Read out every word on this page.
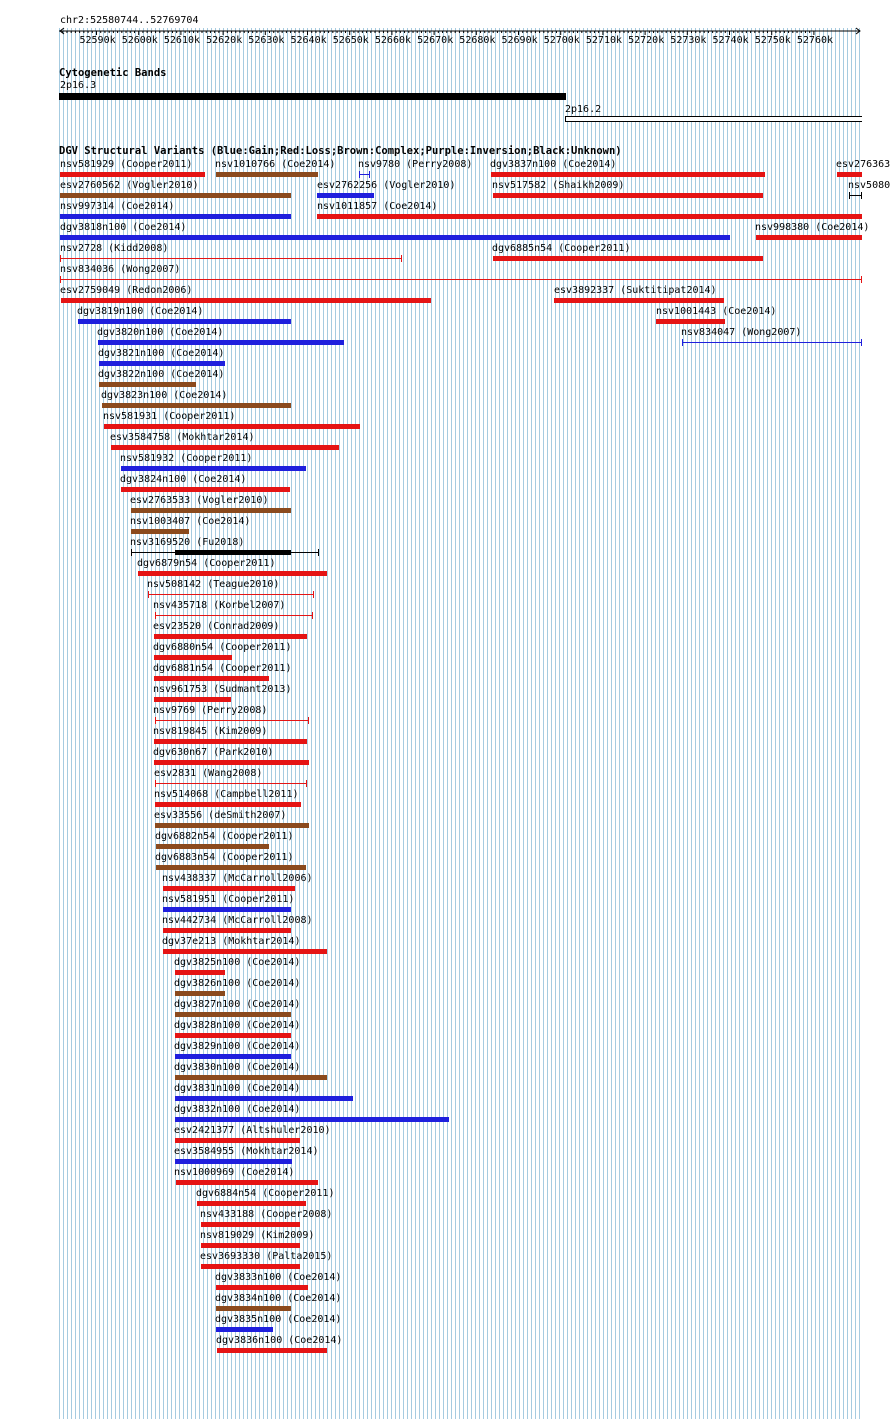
chr2:52580744..52769704
52590k 52600k 52610k 52620k 52630k 52640k 52650k 52660k 52670k 52680k 52690k 52700k 52710k 52720k 52730k 52740k 52750k 52760k
Cytogenetic Bands
2p16.3
2p16.2
DGV Structural Variants (Blue:Gain;Red:Loss;Brown:Complex;Purple:Inversion;Black:Unknown)
nsv581929 (Cooper2011) nsv1010766 (Coe2014) nsv9780 (Perry2008) dgv3837n100 (Coe2014)	esv276363
esv2760562 (Vogler2010)	esv2762256 (Vogler2010)	nsv517582 (Shaikh2009)	nsv5080
nsv997314 (Coe2014)	nsv1011857 (Coe2014)
dgv3818n100 (Coe2014)	nsv998380 (Coe2014)
nsv2728 (Kidd2008)	dgv6885n54 (Cooper2011)
nsv834036 (Wong2007)
esv2759049 (Redon2006)	esv3892337 (Suktitipat2014)
dgv3819n100 (Coe2014)	nsv1001443 (Coe2014)
dgv3820n100 (Coe2014)	nsv834047 (Wong2007)
dgv3821n100 (Coe2014)
dgv3822n100 (Coe2014)
dgv3823n100 (Coe2014)
nsv581931 (Cooper2011)
esv3584758 (Mokhtar2014)
nsv581932 (Cooper2011)
dgv3824n100 (Coe2014)
esv2763533 (Vogler2010)
nsv1003407 (Coe2014)
nsv3169520 (Fu2018)
dgv6879n54 (Cooper2011)
nsv508142 (Teague2010)
nsv435718 (Korbel2007)
esv23520 (Conrad2009)
dgv6880n54 (Cooper2011)
dgv6881n54 (Cooper2011)
nsv961753 (Sudmant2013)
nsv9769 (Perry2008)
nsv819845 (Kim2009)
dgv630n67 (Park2010)
esv2831 (Wang2008)
nsv514068 (Campbell2011)
esv33556 (deSmith2007)
dgv6882n54 (Cooper2011)
dgv6883n54 (Cooper2011)
nsv438337 (McCarroll2006)
nsv581951 (Cooper2011)
nsv442734 (McCarroll2008)
dgv37e213 (Mokhtar2014)
dgv3825n100 (Coe2014)
dgv3826n100 (Coe2014)
dgv3827n100 (Coe2014)
dgv3828n100 (Coe2014)
dgv3829n100 (Coe2014)
dgv3830n100 (Coe2014)
dgv3831n100 (Coe2014)
dgv3832n100 (Coe2014)
esv2421377 (Altshuler2010)
esv3584955 (Mokhtar2014)
nsv1000969 (Coe2014)
dgv6884n54 (Cooper2011)
nsv433188 (Cooper2008)
nsv819029 (Kim2009)
esv3693330 (Palta2015)
dgv3833n100 (Coe2014)
dgv3834n100 (Coe2014)
dgv3835n100 (Coe2014)
dgv3836n100 (Coe2014)
